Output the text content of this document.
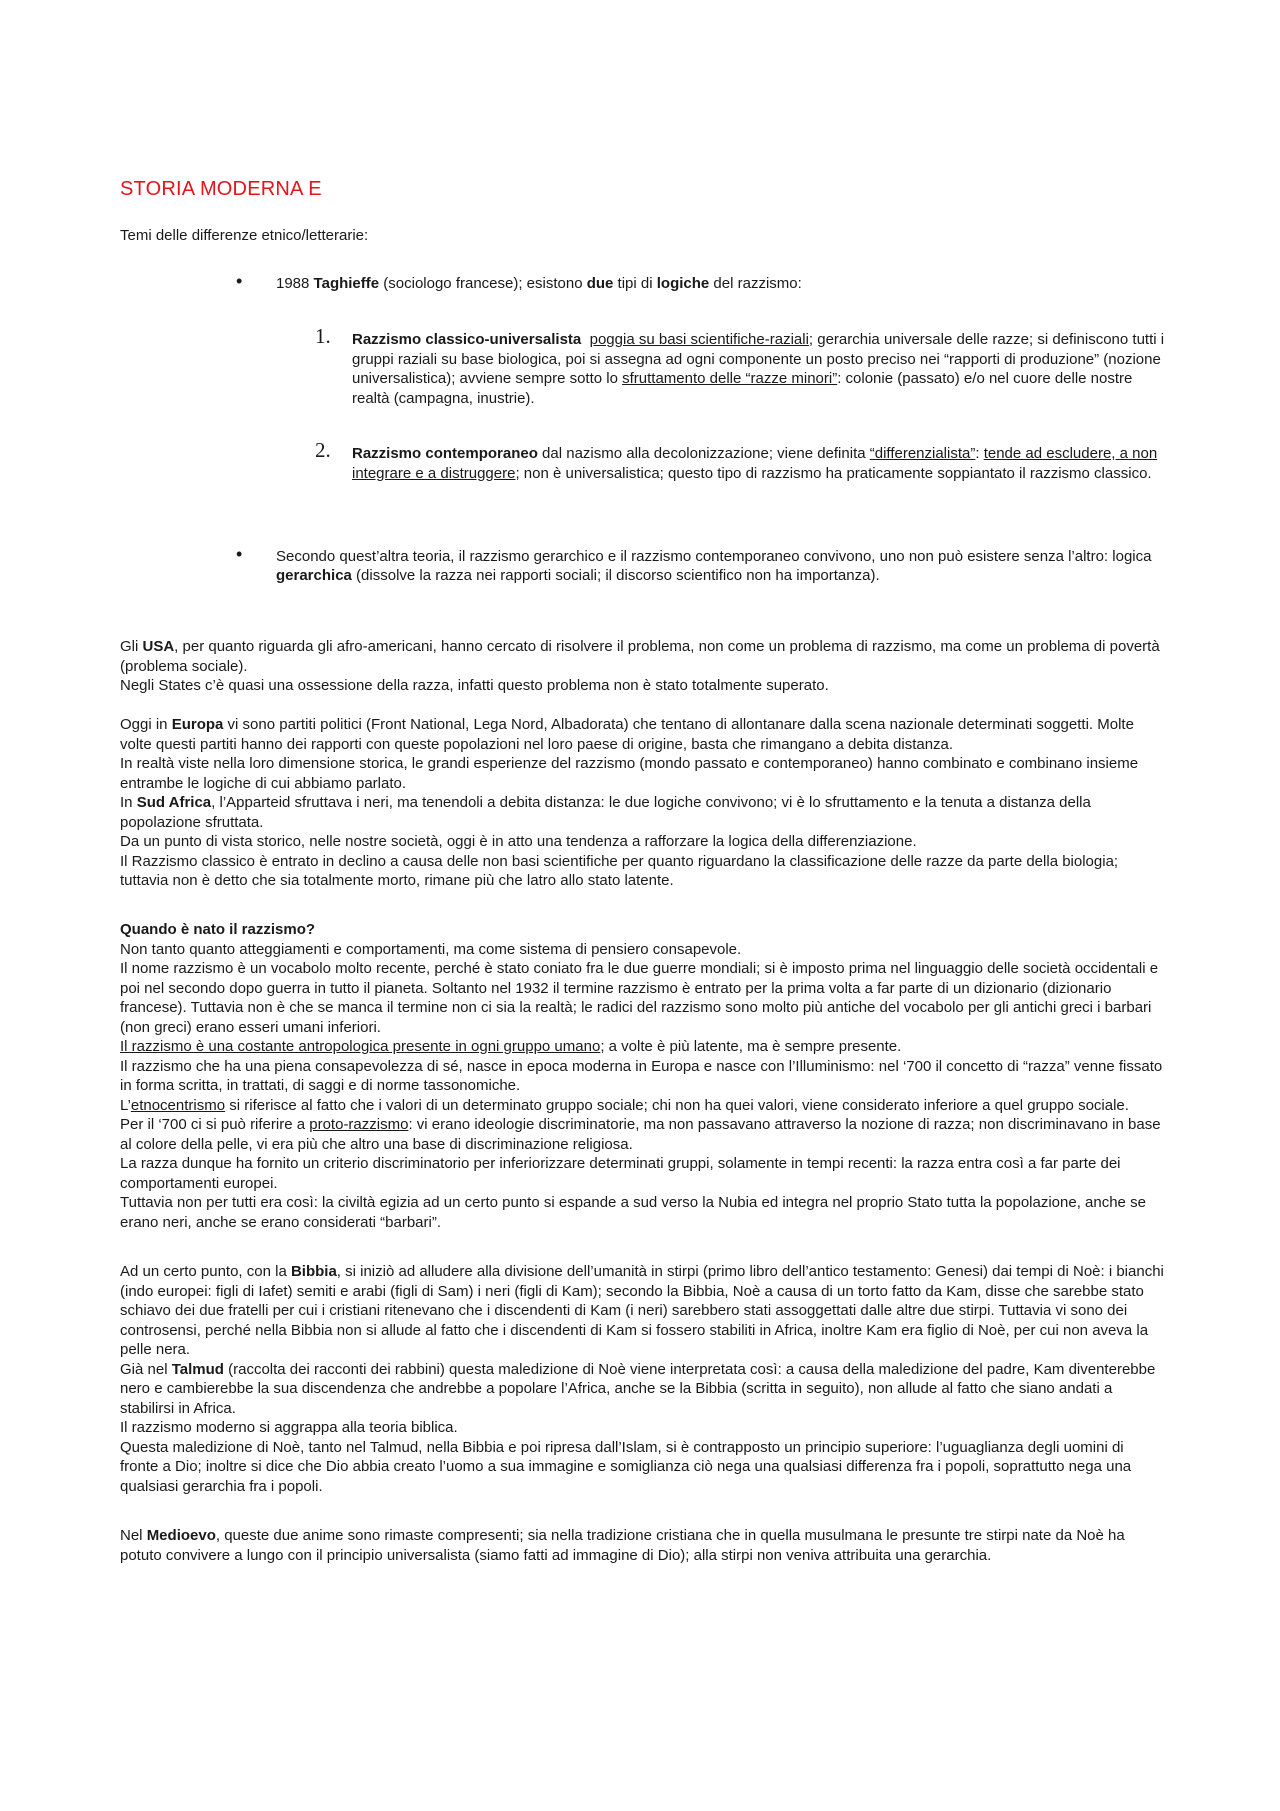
STORIA MODERNA E
Temi delle differenze etnico/letterarie:
• 1988 Taghieffe (sociologo francese); esistono due tipi di logiche del razzismo:
1. Razzismo classico-universalista poggia su basi scientifiche-raziali; gerarchia universale delle razze; si definiscono tutti i gruppi raziali su base biologica, poi si assegna ad ogni componente un posto preciso nei “rapporti di produzione” (nozione universalistica); avviene sempre sotto lo sfruttamento delle “razze minori”: colonie (passato) e/o nel cuore delle nostre realtà (campagna, inustrie).
2. Razzismo contemporaneo dal nazismo alla decolonizzazione; viene definita “differenzialista”: tende ad escludere, a non integrare e a distruggere; non è universalistica; questo tipo di razzismo ha praticamente soppiantato il razzismo classico.
• Secondo quest’altra teoria, il razzismo gerarchico e il razzismo contemporaneo convivono, uno non può esistere senza l’altro: logica gerarchica (dissolve la razza nei rapporti sociali; il discorso scientifico non ha importanza).

Gli USA, per quanto riguarda gli afro-americani, hanno cercato di risolvere il problema, non come un problema di razzismo, ma come un problema di povertà (problema sociale).

Negli States c’è quasi una ossessione della razza, infatti questo problema non è stato totalmente superato.

Oggi in Europa vi sono partiti politici (Front National, Lega Nord, Albadorata) che tentano di allontanare dalla scena nazionale determinati soggetti. Molte volte questi partiti hanno dei rapporti con queste popolazioni nel loro paese di origine, basta che rimangano a debita distanza.

In realtà viste nella loro dimensione storica, le grandi esperienze del razzismo (mondo passato e contemporaneo) hanno combinato e combinano insieme entrambe le logiche di cui abbiamo parlato.

In Sud Africa, l’Apparteid sfruttava i neri, ma tenendoli a debita distanza: le due logiche convivono; vi è lo sfruttamento e la tenuta a distanza della popolazione sfruttata.

Da un punto di vista storico, nelle nostre società, oggi è in atto una tendenza a rafforzare la logica della differenziazione.

Il Razzismo classico è entrato in declino a causa delle non basi scientifiche per quanto riguardano la classificazione delle razze da parte della biologia; tuttavia non è detto che sia totalmente morto, rimane più che latro allo stato latente.

Quando è nato il razzismo?

Non tanto quanto atteggiamenti e comportamenti, ma come sistema di pensiero consapevole.

Il nome razzismo è un vocabolo molto recente, perché è stato coniato fra le due guerre mondiali; si è imposto prima nel linguaggio delle società occidentali e poi nel secondo dopo guerra in tutto il pianeta. Soltanto nel 1932 il termine razzismo è entrato per la prima volta a far parte di un dizionario (dizionario francese). Tuttavia non è che se manca il termine non ci sia la realtà; le radici del razzismo sono molto più antiche del vocabolo per gli antichi greci i barbari (non greci) erano esseri umani inferiori.

Il razzismo è una costante antropologica presente in ogni gruppo umano; a volte è più latente, ma è sempre presente.

Il razzismo che ha una piena consapevolezza di sé, nasce in epoca moderna in Europa e nasce con l’Illuminismo: nel ‘700 il concetto di “razza” venne fissato in forma scritta, in trattati, di saggi e di norme tassonomiche.

L’etnocentrismo si riferisce al fatto che i valori di un determinato gruppo sociale; chi non ha quei valori, viene considerato inferiore a quel gruppo sociale.

Per il ‘700 ci si può riferire a proto-razzismo: vi erano ideologie discriminatorie, ma non passavano attraverso la nozione di razza; non discriminavano in base al colore della pelle, vi era più che altro una base di discriminazione religiosa.

La razza dunque ha fornito un criterio discriminatorio per inferiorizzare determinati gruppi, solamente in tempi recenti: la razza entra così a far parte dei comportamenti europei.

Tuttavia non per tutti era così: la civiltà egizia ad un certo punto si espande a sud verso la Nubia ed integra nel proprio Stato tutta la popolazione, anche se erano neri, anche se erano considerati “barbari”.

Ad un certo punto, con la Bibbia, si iniziò ad alludere alla divisione dell’umanità in stirpi (primo libro dell’antico testamento: Genesi) dai tempi di Noè: i bianchi (indo europei: figli di Iafet) semiti e arabi (figli di Sam) i neri (figli di Kam); secondo la Bibbia, Noè a causa di un torto fatto da Kam, disse che sarebbe stato schiavo dei due fratelli per cui i cristiani ritenevano che i discendenti di Kam (i neri) sarebbero stati assoggettati dalle altre due stirpi. Tuttavia vi sono dei controsensi, perché nella Bibbia non si allude al fatto che i discendenti di Kam si fossero stabiliti in Africa, inoltre Kam era figlio di Noè, per cui non aveva la pelle nera.

Già nel Talmud (raccolta dei racconti dei rabbini) questa maledizione di Noè viene interpretata così: a causa della maledizione del padre, Kam diventerebbe nero e cambierebbe la sua discendenza che andrebbe a popolare l’Africa, anche se la Bibbia (scritta in seguito), non allude al fatto che siano andati a stabilirsi in Africa.

Il razzismo moderno si aggrappa alla teoria biblica.

Questa maledizione di Noè, tanto nel Talmud, nella Bibbia e poi ripresa dall’Islam, si è contrapposto un principio superiore: l’uguaglianza degli uomini di fronte a Dio; inoltre si dice che Dio abbia creato l’uomo a sua immagine e somiglianza ciò nega una qualsiasi differenza fra i popoli, soprattutto nega una qualsiasi gerarchia fra i popoli.

Nel Medioevo, queste due anime sono rimaste compresenti; sia nella tradizione cristiana che in quella musulmana le presunte tre stirpi nate da Noè ha potuto convivere a lungo con il principio universalista (siamo fatti ad immagine di Dio); alla stirpi non veniva attribuita una gerarchia.
